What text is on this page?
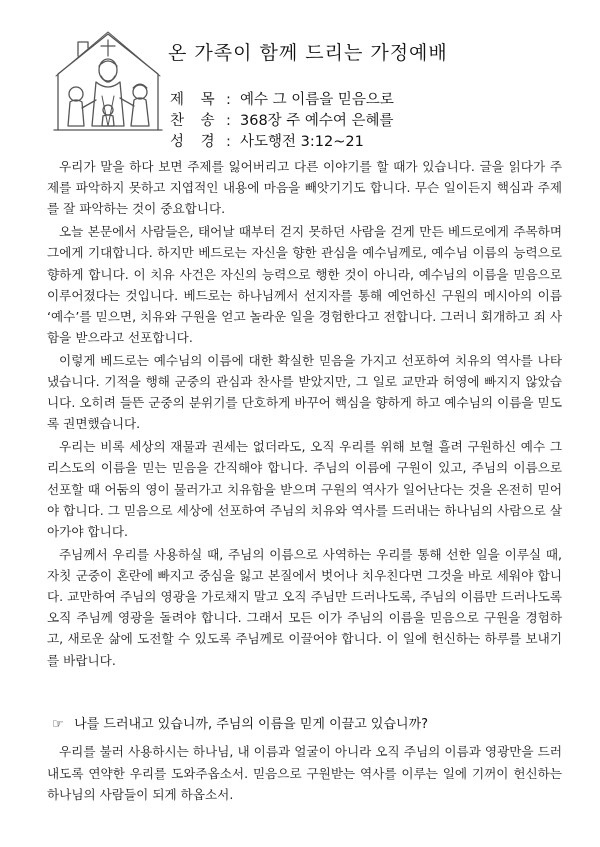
온 가족이 함께 드리는 가정예배
제 목 : 예수 그 이름을 믿음으로
찬 송 : 368장 주 예수여 은혜를
성 경 : 사도행전 3:12~21

우리가 말을 하다 보면 주제를 잃어버리고 다른 이야기를 할 때가 있습니다. 글을 읽다가 주제를 파악하지 못하고 지엽적인 내용에 마음을 빼앗기기도 합니다. 무슨 일이든지 핵심과 주제를 잘 파악하는 것이 중요합니다.

오늘 본문에서 사람들은, 태어날 때부터 걷지 못하던 사람을 걷게 만든 베드로에게 주목하며 그에게 기대합니다. 하지만 베드로는 자신을 향한 관심을 예수님께로, 예수님 이름의 능력으로 향하게 합니다. 이 치유 사건은 자신의 능력으로 행한 것이 아니라, 예수님의 이름을 믿음으로 이루어졌다는 것입니다. 베드로는 하나님께서 선지자를 통해 예언하신 구원의 메시아의 이름 ‘예수’를 믿으면, 치유와 구원을 얻고 놀라운 일을 경험한다고 전합니다. 그러니 회개하고 죄 사함을 받으라고 선포합니다.

이렇게 베드로는 예수님의 이름에 대한 확실한 믿음을 가지고 선포하여 치유의 역사를 나타냈습니다. 기적을 행해 군중의 관심과 찬사를 받았지만, 그 일로 교만과 허영에 빠지지 않았습니다. 오히려 들뜬 군중의 분위기를 단호하게 바꾸어 핵심을 향하게 하고 예수님의 이름을 믿도록 권면했습니다.

우리는 비록 세상의 재물과 권세는 없더라도, 오직 우리를 위해 보혈 흘려 구원하신 예수 그리스도의 이름을 믿는 믿음을 간직해야 합니다. 주님의 이름에 구원이 있고, 주님의 이름으로 선포할 때 어둠의 영이 물러가고 치유함을 받으며 구원의 역사가 일어난다는 것을 온전히 믿어야 합니다. 그 믿음으로 세상에 선포하여 주님의 치유와 역사를 드러내는 하나님의 사람으로 살아가야 합니다.

주님께서 우리를 사용하실 때, 주님의 이름으로 사역하는 우리를 통해 선한 일을 이루실 때, 자칫 군중이 혼란에 빠지고 중심을 잃고 본질에서 벗어나 치우친다면 그것을 바로 세워야 합니다. 교만하여 주님의 영광을 가로채지 말고 오직 주님만 드러나도록, 주님의 이름만 드러나도록 오직 주님께 영광을 돌려야 합니다. 그래서 모든 이가 주님의 이름을 믿음으로 구원을 경험하고, 새로운 삶에 도전할 수 있도록 주님께로 이끌어야 합니다. 이 일에 헌신하는 하루를 보내기를 바랍니다.

☞ 나를 드러내고 있습니까, 주님의 이름을 믿게 이끌고 있습니까?

우리를 불러 사용하시는 하나님, 내 이름과 얼굴이 아니라 오직 주님의 이름과 영광만을 드러내도록 연약한 우리를 도와주옵소서. 믿음으로 구원받는 역사를 이루는 일에 기꺼이 헌신하는 하나님의 사람들이 되게 하옵소서.
